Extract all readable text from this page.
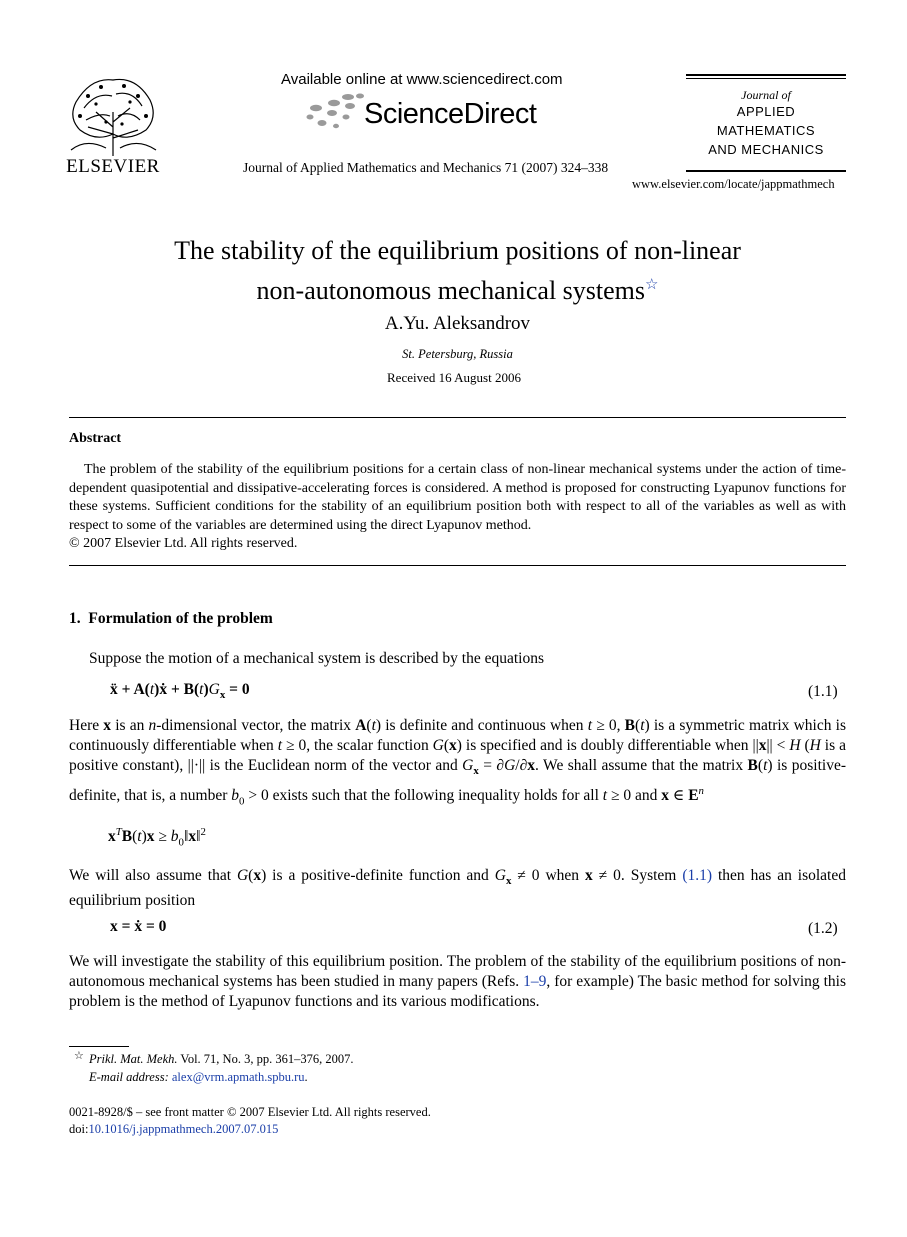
ELSEVIER
Available online at www.sciencedirect.com
ScienceDirect
Journal of Applied Mathematics and Mechanics 71 (2007) 324–338
Journal of
APPLIED
MATHEMATICS
AND MECHANICS
www.elsevier.com/locate/jappmathmech
The stability of the equilibrium positions of non-linear
non-autonomous mechanical systems☆
A.Yu. Aleksandrov
St. Petersburg, Russia
Received 16 August 2006
Abstract
The problem of the stability of the equilibrium positions for a certain class of non-linear mechanical systems under the action of time-dependent quasipotential and dissipative-accelerating forces is considered. A method is proposed for constructing Lyapunov functions for these systems. Sufficient conditions for the stability of an equilibrium position both with respect to all of the variables as well as with respect to some of the variables are determined using the direct Lyapunov method.
© 2007 Elsevier Ltd. All rights reserved.
1.  Formulation of the problem
Suppose the motion of a mechanical system is described by the equations
ẍ + A(t)ẋ + $B(t)G_x = 0$	(1.1)
Here x is an n-dimensional vector, the matrix A(t) is definite and continuous when t ≥ 0, B(t) is a symmetric matrix which is continuously differentiable when t ≥ 0, the scalar function G(x) is specified and is doubly differentiable when ||x|| < H (H is a positive constant), ||·|| is the Euclidean norm of the vector and $G_x = \partial G/\partial x$. We shall assume that the matrix B(t) is positive-definite, that is, a number $b_0 > 0$ exists such that the following inequality holds for all t ≥ 0 and x ∈ $E^n$
$x^TB(t)x$ ≥ $b_0‖x‖^2$
We will also assume that G(x) is a positive-definite function and $G_x \ne 0$ when x ≠ 0. System (1.1) then has an isolated equilibrium position
x = ẋ = 0	(1.2)
We will investigate the stability of this equilibrium position. The problem of the stability of the equilibrium positions of non-autonomous mechanical systems has been studied in many papers (Refs. 1–9, for example) The basic method for solving this problem is the method of Lyapunov functions and its various modifications.
☆ Prikl. Mat. Mekh. Vol. 71, No. 3, pp. 361–376, 2007.
E-mail address: alex@vrm.apmath.spbu.ru.
0021-8928/$ – see front matter © 2007 Elsevier Ltd. All rights reserved.
doi:10.1016/j.jappmathmech.2007.07.015
